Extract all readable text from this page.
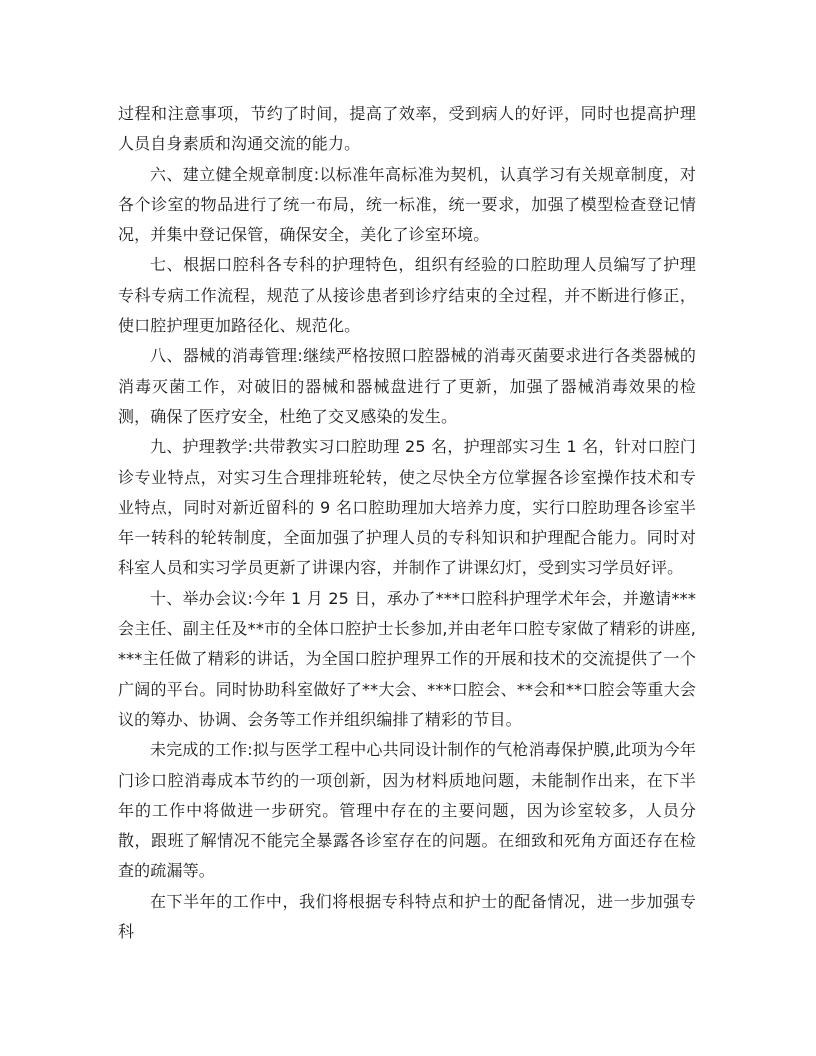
过程和注意事项，节约了时间，提高了效率，受到病人的好评，同时也提高护理人员自身素质和沟通交流的能力。

六、建立健全规章制度:以标准年高标准为契机，认真学习有关规章制度，对各个诊室的物品进行了统一布局，统一标准，统一要求，加强了模型检查登记情况，并集中登记保管，确保安全，美化了诊室环境。

七、根据口腔科各专科的护理特色，组织有经验的口腔助理人员编写了护理专科专病工作流程，规范了从接诊患者到诊疗结束的全过程，并不断进行修正，使口腔护理更加路径化、规范化。

八、器械的消毒管理:继续严格按照口腔器械的消毒灭菌要求进行各类器械的消毒灭菌工作，对破旧的器械和器械盘进行了更新，加强了器械消毒效果的检测，确保了医疗安全，杜绝了交叉感染的发生。

九、护理教学:共带教实习口腔助理 25 名，护理部实习生 1 名，针对口腔门诊专业特点，对实习生合理排班轮转，使之尽快全方位掌握各诊室操作技术和专业特点，同时对新近留科的 9 名口腔助理加大培养力度，实行口腔助理各诊室半年一转科的轮转制度，全面加强了护理人员的专科知识和护理配合能力。同时对科室人员和实习学员更新了讲课内容，并制作了讲课幻灯，受到实习学员好评。

十、举办会议:今年 1 月 25 日，承办了***口腔科护理学术年会，并邀请***会主任、副主任及**市的全体口腔护士长参加,并由老年口腔专家做了精彩的讲座,***主任做了精彩的讲话，为全国口腔护理界工作的开展和技术的交流提供了一个广阔的平台。同时协助科室做好了**大会、***口腔会、**会和**口腔会等重大会议的筹办、协调、会务等工作并组织编排了精彩的节目。

未完成的工作:拟与医学工程中心共同设计制作的气枪消毒保护膜,此项为今年门诊口腔消毒成本节约的一项创新，因为材料质地问题，未能制作出来，在下半年的工作中将做进一步研究。管理中存在的主要问题，因为诊室较多，人员分散，跟班了解情况不能完全暴露各诊室存在的问题。在细致和死角方面还存在检查的疏漏等。

在下半年的工作中，我们将根据专科特点和护士的配备情况，进一步加强专科
